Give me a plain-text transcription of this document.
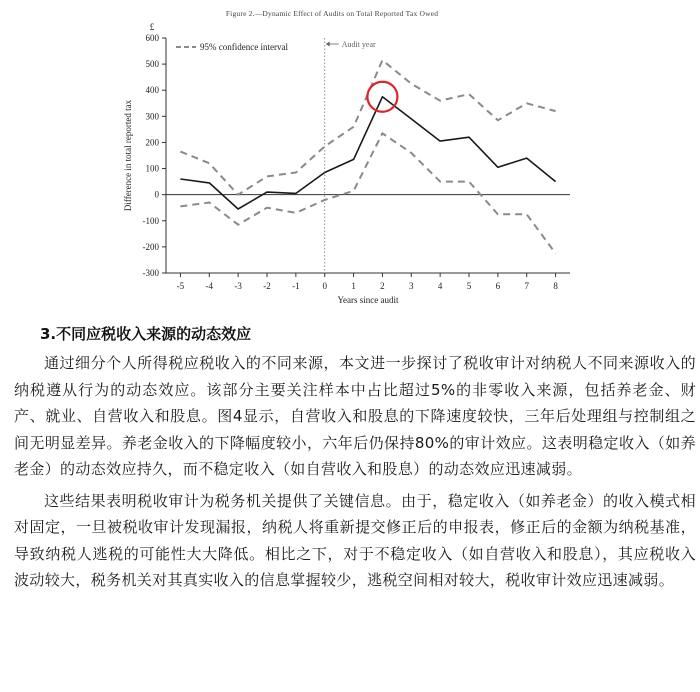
Figure 2.—Dynamic Effect of Audits on Total Reported Tax Owed
-300
-200
-100
0
100
200
300
400
500
600
£
-5 -4 -3 -2 -1	0	1	2	3	4	5	6	7	8
Years since audit
Difference in total reported tax
Audit year
95% confidence interval
3.不同应税收入来源的动态效应

通过细分个人所得税应税收入的不同来源，本文进一步探讨了税收审计对纳税人不同来源收入的纳税遵从行为的动态效应。该部分主要关注样本中占比超过5%的非零收入来源，包括养老金、财产、就业、自营收入和股息。图4显示，自营收入和股息的下降速度较快，三年后处理组与控制组之间无明显差异。养老金收入的下降幅度较小，六年后仍保持80%的审计效应。这表明稳定收入（如养老金）的动态效应持久，而不稳定收入（如自营收入和股息）的动态效应迅速减弱。

这些结果表明税收审计为税务机关提供了关键信息。由于，稳定收入（如养老金）的收入模式相对固定，一旦被税收审计发现漏报，纳税人将重新提交修正后的申报表，修正后的金额为纳税基准，导致纳税人逃税的可能性大大降低。相比之下，对于不稳定收入（如自营收入和股息），其应税收入波动较大，税务机关对其真实收入的信息掌握较少，逃税空间相对较大，税收审计效应迅速减弱。
